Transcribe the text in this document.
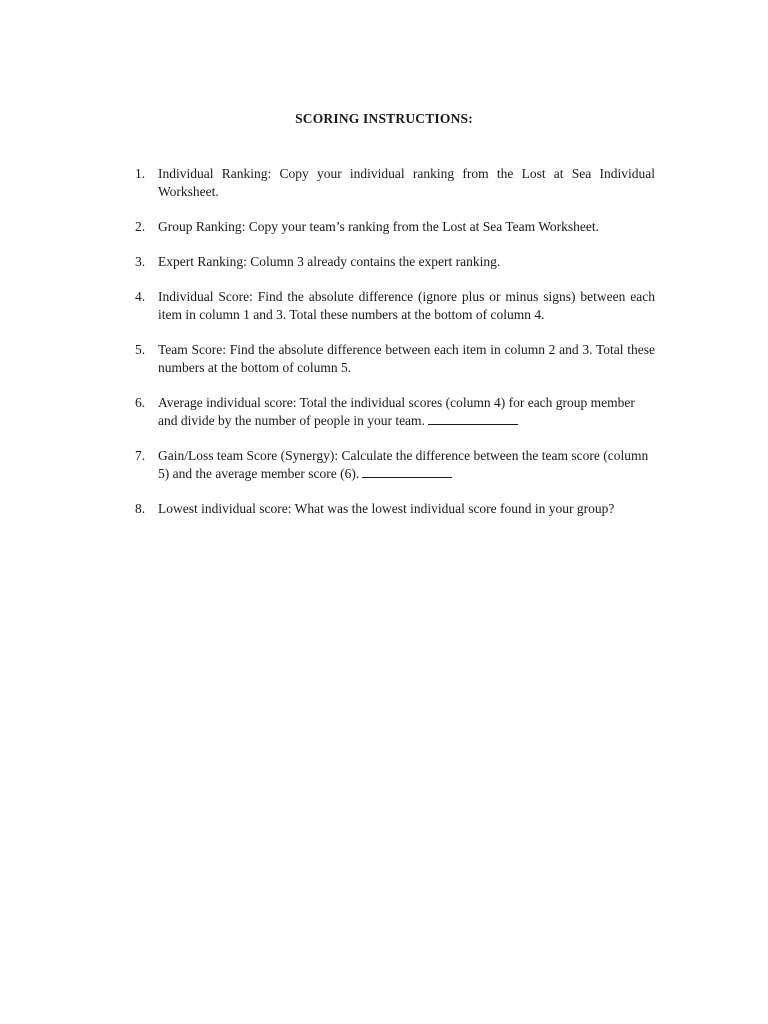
SCORING INSTRUCTIONS:
1. Individual Ranking: Copy your individual ranking from the Lost at Sea Individual Worksheet.
2. Group Ranking: Copy your team’s ranking from the Lost at Sea Team Worksheet.
3. Expert Ranking: Column 3 already contains the expert ranking.
4. Individual Score: Find the absolute difference (ignore plus or minus signs) between each item in column 1 and 3. Total these numbers at the bottom of column 4.
5. Team Score: Find the absolute difference between each item in column 2 and 3. Total these numbers at the bottom of column 5.
6. Average individual score: Total the individual scores (column 4) for each group member and divide by the number of people in your team.
7. Gain/Loss team Score (Synergy): Calculate the difference between the team score (column 5) and the average member score (6).
8. Lowest individual score: What was the lowest individual score found in your group?
